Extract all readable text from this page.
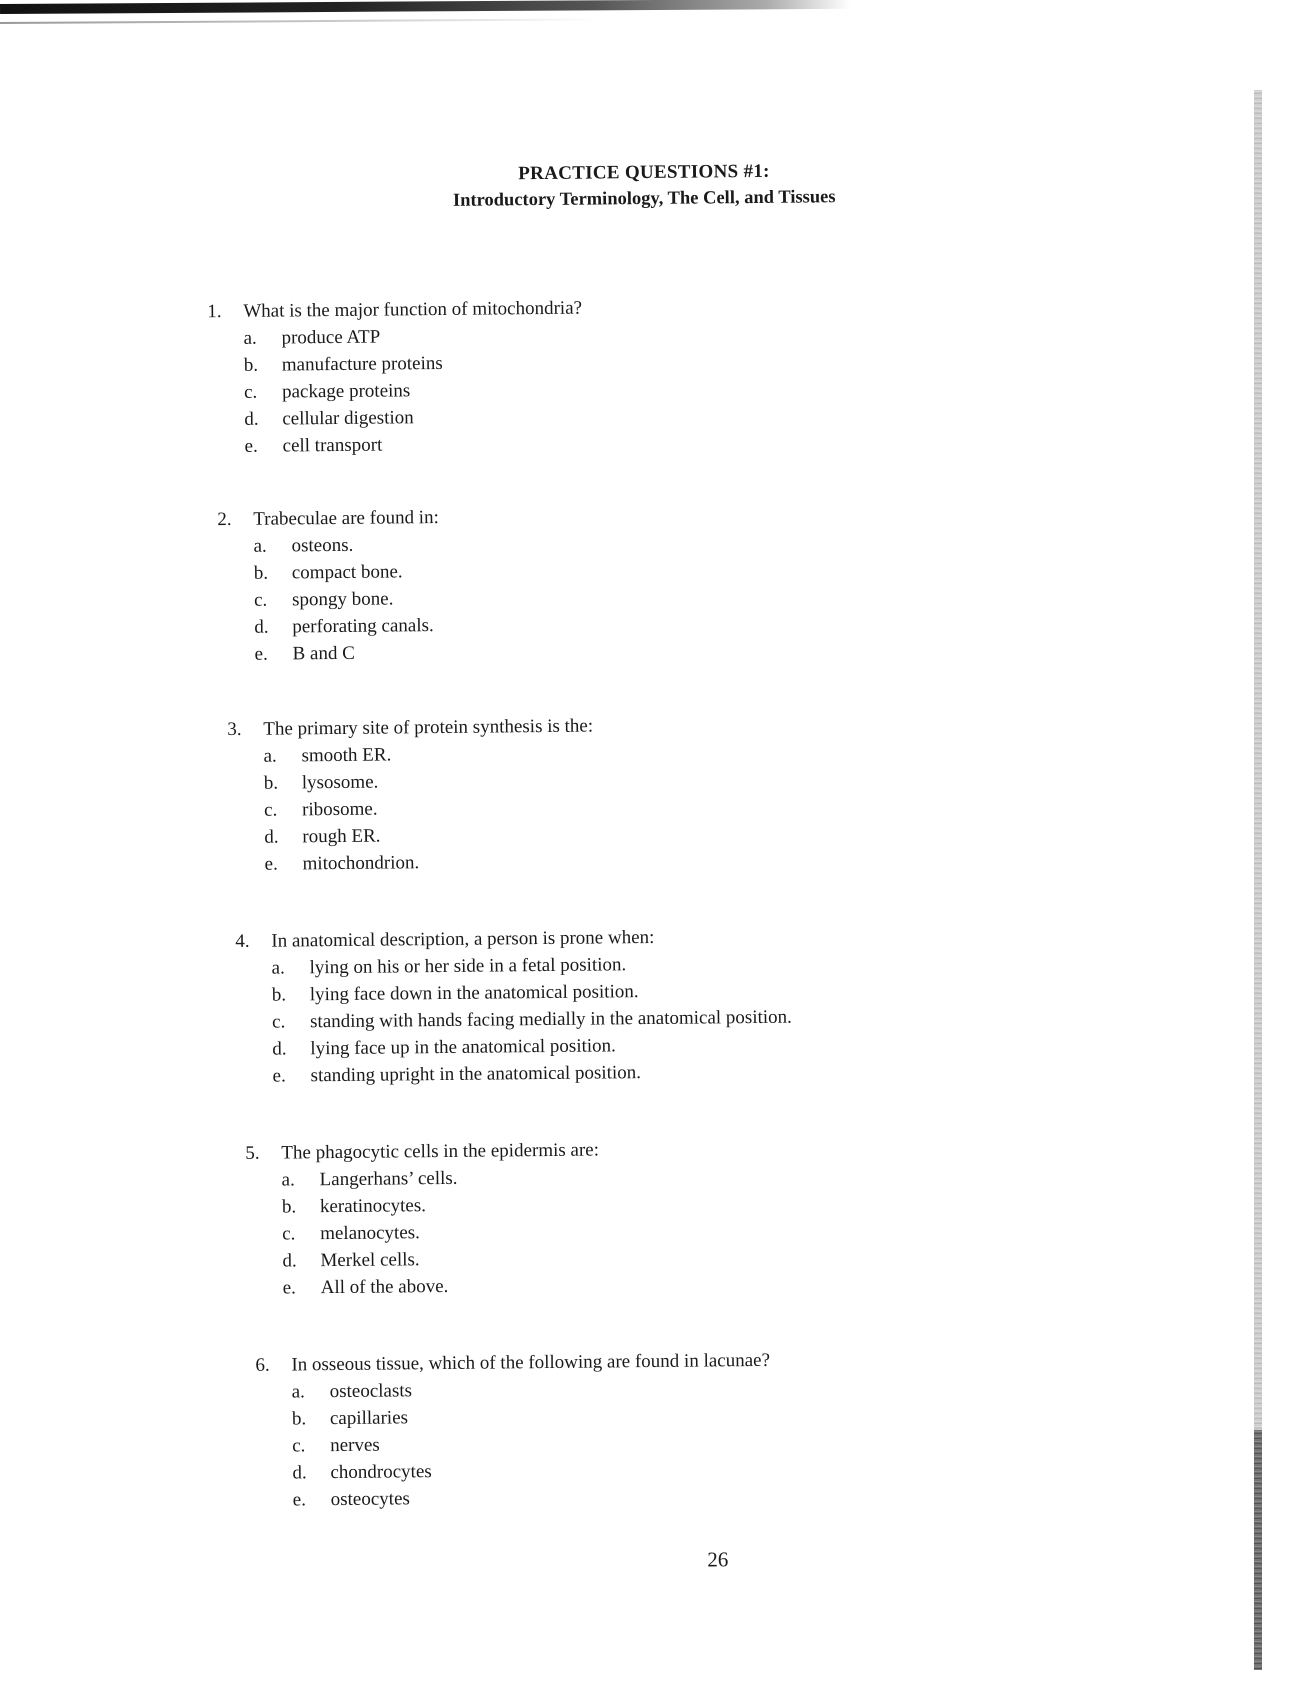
PRACTICE QUESTIONS #1:
Introductory Terminology, The Cell, and Tissues
1.	What is the major function of mitochondria?
a.	produce ATP
b.	manufacture proteins
c.	package proteins
d.	cellular digestion
e.	cell transport
2.	Trabeculae are found in:
a.	osteons.
b.	compact bone.
c.	spongy bone.
d.	perforating canals.
e.	B and C
3.	The primary site of protein synthesis is the:
a.	smooth ER.
b.	lysosome.
c.	ribosome.
d.	rough ER.
e.	mitochondrion.
4.	In anatomical description, a person is prone when:
a.	lying on his or her side in a fetal position.
b.	lying face down in the anatomical position.
c.	standing with hands facing medially in the anatomical position.
d.	lying face up in the anatomical position.
e.	standing upright in the anatomical position.
5.	The phagocytic cells in the epidermis are:
a.	Langerhans’ cells.
b.	keratinocytes.
c.	melanocytes.
d.	Merkel cells.
e.	All of the above.
6.	In osseous tissue, which of the following are found in lacunae?
a.	osteoclasts
b.	capillaries
c.	nerves
d.	chondrocytes
e.	osteocytes
26
